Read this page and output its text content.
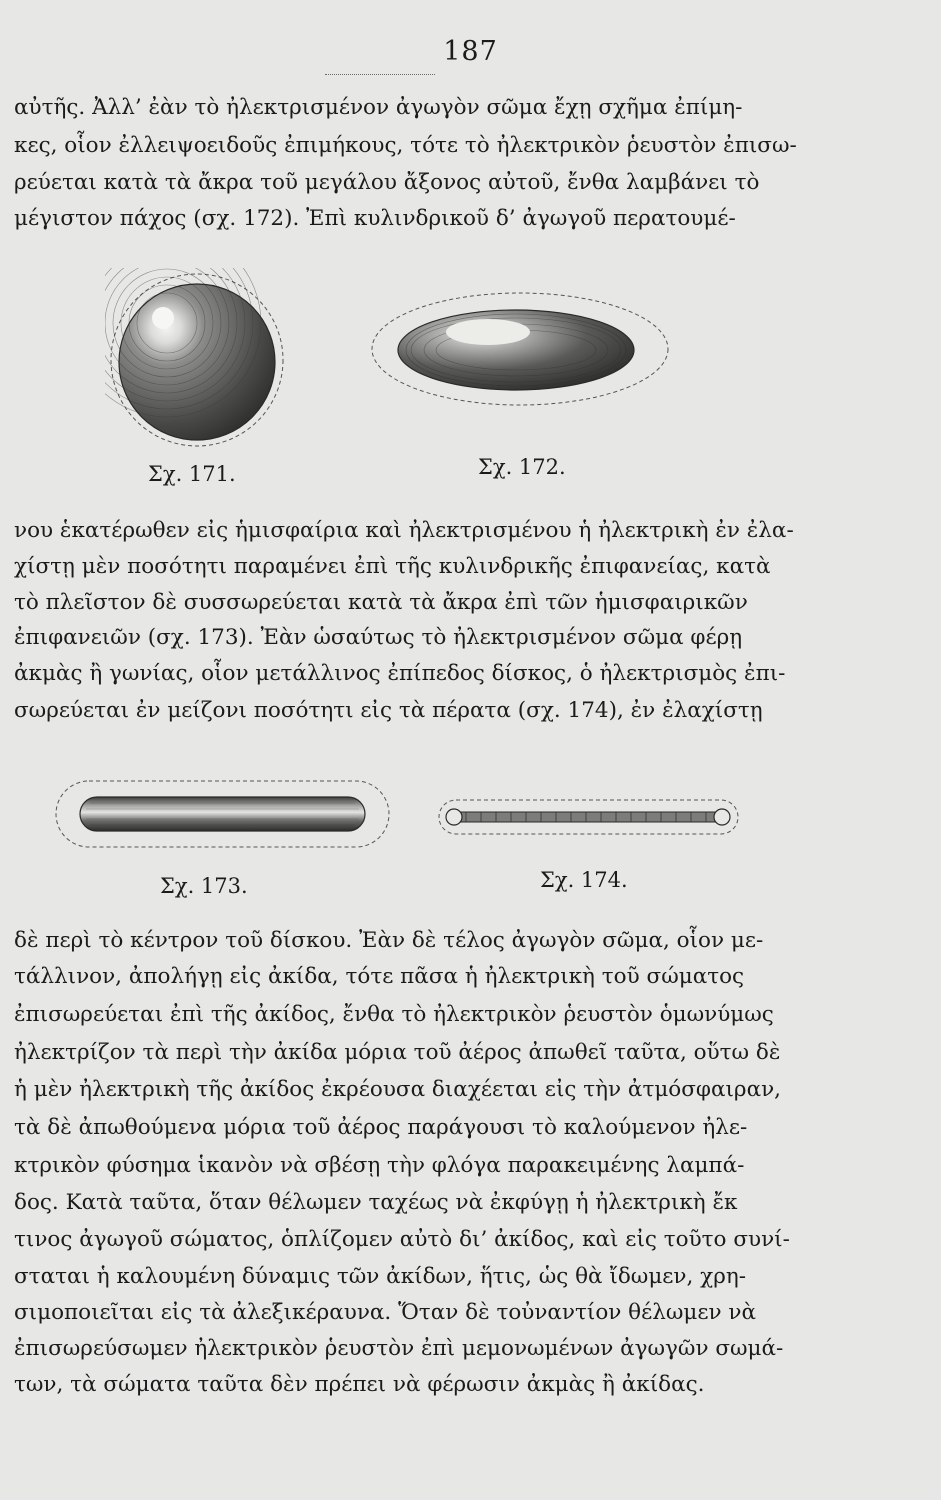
187
αὐτῆς. Ἀλλ’ ἐὰν τὸ ἠλεκτρισμένον ἀγωγὸν σῶμα ἔχῃ σχῆμα ἐπίμη-
κες, οἷον ἐλλειψοειδοῦς ἐπιμήκους, τότε τὸ ἠλεκτρικὸν ῥευστὸν ἐπισω-
ρεύεται κατὰ τὰ ἄκρα τοῦ μεγάλου ἄξονος αὐτοῦ, ἔνθα λαμβάνει τὸ
μέγιστον πάχος (σχ. 172). Ἐπὶ κυλινδρικοῦ δ’ ἀγωγοῦ περατουμέ-
Σχ. 171.	Σχ. 172.
νου ἑκατέρωθεν εἰς ἡμισφαίρια καὶ ἠλεκτρισμένου ἡ ἠλεκτρικὴ ἐν ἐλα-
χίστῃ μὲν ποσότητι παραμένει ἐπὶ τῆς κυλινδρικῆς ἐπιφανείας, κατὰ
τὸ πλεῖστον δὲ συσσωρεύεται κατὰ τὰ ἄκρα ἐπὶ τῶν ἡμισφαιρικῶν
ἐπιφανειῶν (σχ. 173). Ἐὰν ὡσαύτως τὸ ἠλεκτρισμένον σῶμα φέρῃ
ἀκμὰς ἢ γωνίας, οἷον μετάλλινος ἐπίπεδος δίσκος, ὁ ἠλεκτρισμὸς ἐπι-
σωρεύεται ἐν μείζονι ποσότητι εἰς τὰ πέρατα (σχ. 174), ἐν ἐλαχίστῃ
Σχ. 173.	Σχ. 174.
δὲ περὶ τὸ κέντρον τοῦ δίσκου. Ἐὰν δὲ τέλος ἀγωγὸν σῶμα, οἷον με-
τάλλινον, ἀπολήγῃ εἰς ἀκίδα, τότε πᾶσα ἡ ἠλεκτρικὴ τοῦ σώματος
ἐπισωρεύεται ἐπὶ τῆς ἀκίδος, ἔνθα τὸ ἠλεκτρικὸν ῥευστὸν ὁμωνύμως
ἠλεκτρίζον τὰ περὶ τὴν ἀκίδα μόρια τοῦ ἀέρος ἀπωθεῖ ταῦτα, οὕτω δὲ
ἡ μὲν ἠλεκτρικὴ τῆς ἀκίδος ἐκρέουσα διαχέεται εἰς τὴν ἀτμόσφαιραν,
τὰ δὲ ἀπωθούμενα μόρια τοῦ ἀέρος παράγουσι τὸ καλούμενον ἠλε-
κτρικὸν φύσημα ἱκανὸν νὰ σβέσῃ τὴν φλόγα παρακειμένης λαμπά-
δος. Κατὰ ταῦτα, ὅταν θέλωμεν ταχέως νὰ ἐκφύγῃ ἡ ἠλεκτρικὴ ἔκ
τινος ἀγωγοῦ σώματος, ὁπλίζομεν αὐτὸ δι’ ἀκίδος, καὶ εἰς τοῦτο συνί-
σταται ἡ καλουμένη δύναμις τῶν ἀκίδων, ἥτις, ὡς θὰ ἴδωμεν, χρη-
σιμοποιεῖται εἰς τὰ ἀλεξικέραυνα. Ὅταν δὲ τοὐναντίον θέλωμεν νὰ
ἐπισωρεύσωμεν ἠλεκτρικὸν ῥευστὸν ἐπὶ μεμονωμένων ἀγωγῶν σωμά-
των, τὰ σώματα ταῦτα δὲν πρέπει νὰ φέρωσιν ἀκμὰς ἢ ἀκίδας.
